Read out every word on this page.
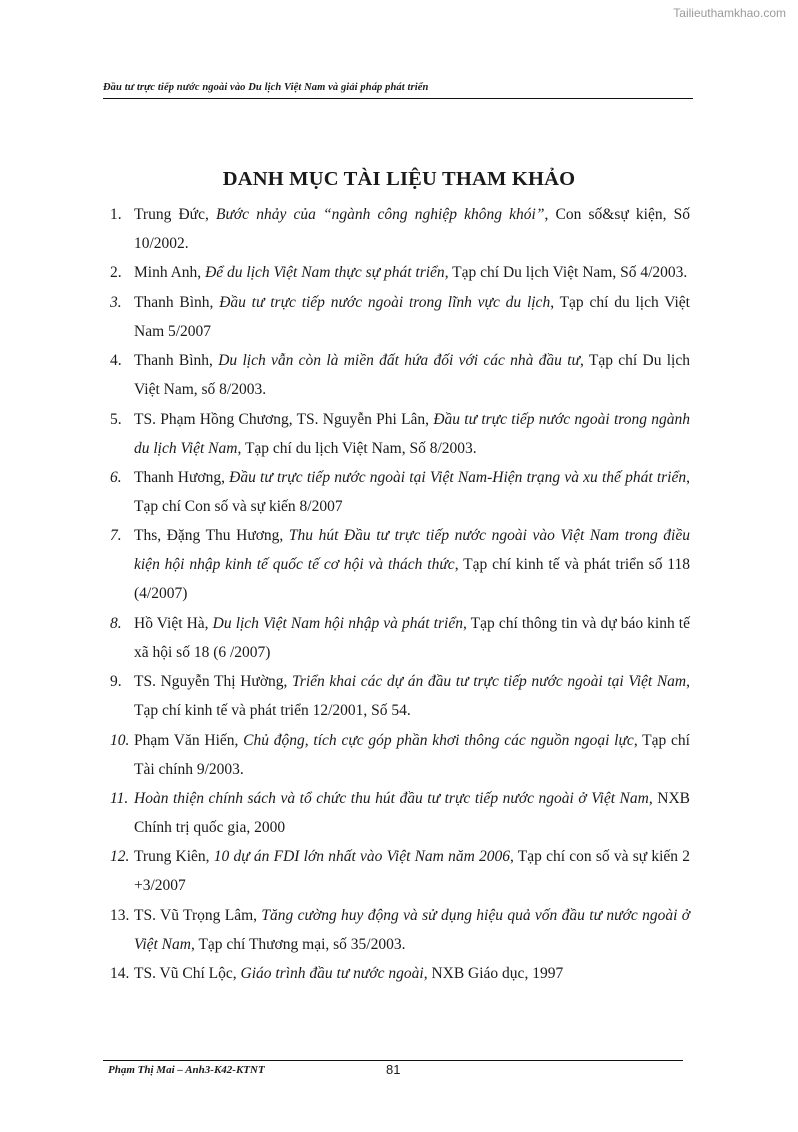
Tailieuthamkhao.com
Đầu tư trực tiếp nước ngoài vào Du lịch Việt Nam và giải pháp phát triển
DANH MỤC TÀI LIỆU THAM KHẢO
1. Trung Đức, Bước nhảy của “ngành công nghiệp không khói”, Con số&sự kiện, Số 10/2002.
2. Minh Anh, Để du lịch Việt Nam thực sự phát triển, Tạp chí Du lịch Việt Nam, Số 4/2003.
3. Thanh Bình, Đầu tư trực tiếp nước ngoài trong lĩnh vực du lịch, Tạp chí du lịch Việt Nam 5/2007
4. Thanh Bình, Du lịch vẫn còn là miền đất hứa đối với các nhà đầu tư, Tạp chí Du lịch Việt Nam, số 8/2003.
5. TS. Phạm Hồng Chương, TS. Nguyễn Phi Lân, Đầu tư trực tiếp nước ngoài trong ngành du lịch Việt Nam, Tạp chí du lịch Việt Nam, Số 8/2003.
6. Thanh Hương, Đầu tư trực tiếp nước ngoài tại Việt Nam-Hiện trạng và xu thế phát triển, Tạp chí Con số và sự kiến 8/2007
7. Ths, Đặng Thu Hương, Thu hút Đầu tư trực tiếp nước ngoài vào Việt Nam trong điều kiện hội nhập kinh tế quốc tế cơ hội và thách thức, Tạp chí kinh tế và phát triển số 118 (4/2007)
8. Hồ Việt Hà, Du lịch Việt Nam hội nhập và phát triển, Tạp chí thông tin và dự báo kinh tế xã hội số 18 (6 /2007)
9. TS. Nguyễn Thị Hường, Triển khai các dự án đầu tư trực tiếp nước ngoài tại Việt Nam, Tạp chí kinh tế và phát triển 12/2001, Số 54.
10. Phạm Văn Hiến, Chủ động, tích cực góp phần khơi thông các nguồn ngoại lực, Tạp chí Tài chính 9/2003.
11. Hoàn thiện chính sách và tổ chức thu hút đầu tư trực tiếp nước ngoài ở Việt Nam, NXB Chính trị quốc gia, 2000
12. Trung Kiên, 10 dự án FDI lớn nhất vào Việt Nam năm 2006, Tạp chí con số và sự kiến 2 +3/2007
13. TS. Vũ Trọng Lâm, Tăng cường huy động và sử dụng hiệu quả vốn đầu tư nước ngoài ở Việt Nam, Tạp chí Thương mại, số 35/2003.
14. TS. Vũ Chí Lộc, Giáo trình đầu tư nước ngoài, NXB Giáo dục, 1997
Phạm Thị Mai – Anh3-K42-KTNT	81
